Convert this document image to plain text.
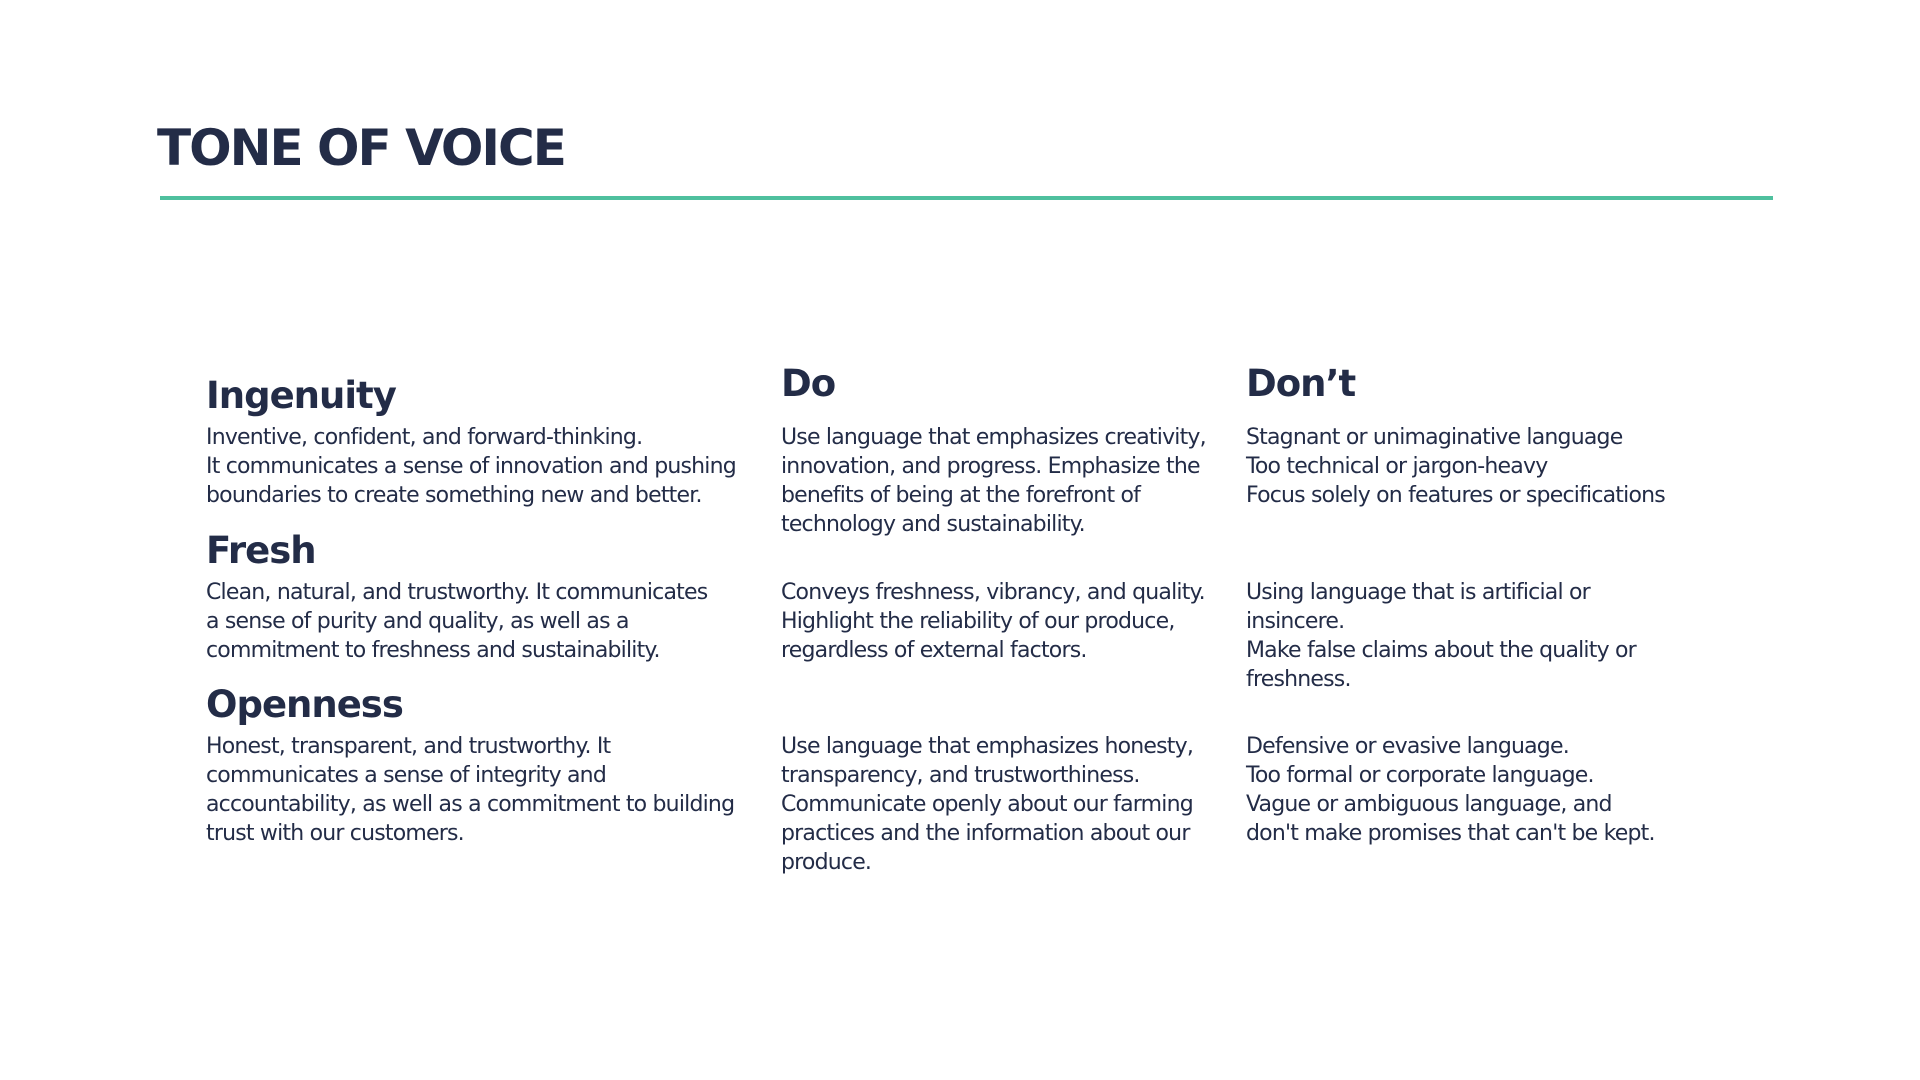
TONE OF VOICE
Ingenuity

Inventive, confident, and forward-thinking.
It communicates a sense of innovation and pushing
boundaries to create something new and better.

Fresh

Clean, natural, and trustworthy. It communicates
a sense of purity and quality, as well as a
commitment to freshness and sustainability.

Openness

Honest, transparent, and trustworthy. It
communicates a sense of integrity and
accountability, as well as a commitment to building
trust with our customers.

Do

Use language that emphasizes creativity,
innovation, and progress. Emphasize the
benefits of being at the forefront of
technology and sustainability.

Conveys freshness, vibrancy, and quality.
Highlight the reliability of our produce,
regardless of external factors.

Use language that emphasizes honesty,
transparency, and trustworthiness.
Communicate openly about our farming
practices and the information about our
produce.

Don’t

Stagnant or unimaginative language
Too technical or jargon-heavy
Focus solely on features or specifications

Using language that is artificial or
insincere.
Make false claims about the quality or
freshness.

Defensive or evasive language.
Too formal or corporate language.
Vague or ambiguous language, and
don't make promises that can't be kept.
